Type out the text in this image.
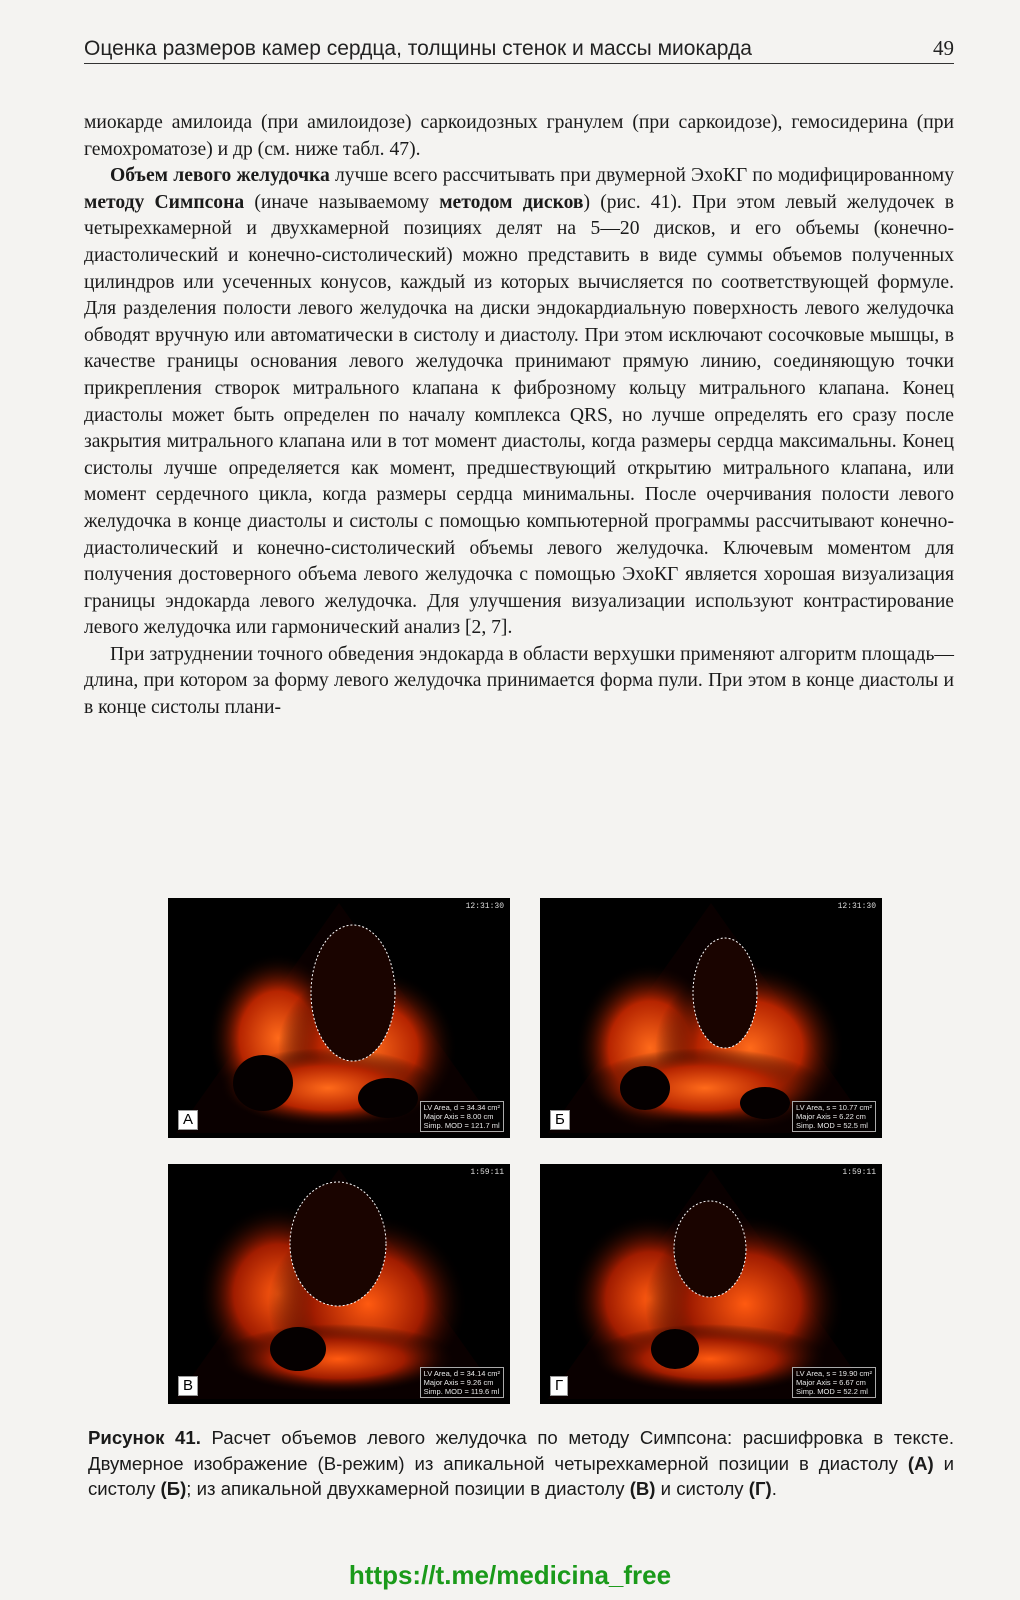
Оценка размеров камер сердца, толщины стенок и массы миокарда	49

миокарде амилоида (при амилоидозе) саркоидозных гранулем (при саркоидозе), гемосидерина (при гемохроматозе) и др (см. ниже табл. 47).

Объем левого желудочка лучше всего рассчитывать при двумерной ЭхоКГ по модифицированному методу Симпсона (иначе называемому методом дисков) (рис. 41). При этом левый желудочек в четырехкамерной и двухкамерной позициях делят на 5—20 дисков, и его объемы (конечно-диастолический и конечно-систолический) можно представить в виде суммы объемов полученных цилиндров или усеченных конусов, каждый из которых вычисляется по соответствующей формуле. Для разделения полости левого желудочка на диски эндокардиальную поверхность левого желудочка обводят вручную или автоматически в систолу и диастолу. При этом исключают сосочковые мышцы, в качестве границы основания левого желудочка принимают прямую линию, соединяющую точки прикрепления створок митрального клапана к фиброзному кольцу митрального клапана. Конец диастолы может быть определен по началу комплекса QRS, но лучше определять его сразу после закрытия митрального клапана или в тот момент диастолы, когда размеры сердца максимальны. Конец систолы лучше определяется как момент, предшествующий открытию митрального клапана, или момент сердечного цикла, когда размеры сердца минимальны. После очерчивания полости левого желудочка в конце диастолы и систолы с помощью компьютерной программы рассчитывают конечно-диастолический и конечно-систолический объемы левого желудочка. Ключевым моментом для получения достоверного объема левого желудочка с помощью ЭхоКГ является хорошая визуализация границы эндокарда левого желудочка. Для улучшения визуализации используют контрастирование левого желудочка или гармонический анализ [2, 7].

При затруднении точного обведения эндокарда в области верхушки применяют алгоритм площадь—длина, при котором за форму левого желудочка принимается форма пули. При этом в конце диастолы и в конце систолы плани-

12:31:30
LV Area, d = 34.34 cm²
Major Axis = 8.00 cm
Simp. MOD = 121.7 ml
А
12:31:30
LV Area, s = 10.77 cm²
Major Axis = 6.22 cm
Simp. MOD = 52.5 ml
Б
1:59:11
LV Area, d = 34.14 cm²
Major Axis = 9.26 cm
Simp. MOD = 119.6 ml
В
1:59:11
LV Area, s = 19.90 cm²
Major Axis = 6.67 cm
Simp. MOD = 52.2 ml
Г
Рисунок 41. Расчет объемов левого желудочка по методу Симпсона: расшифровка в тексте. Двумерное изображение (В-режим) из апикальной четырехкамерной позиции в диастолу (А) и систолу (Б); из апикальной двухкамерной позиции в диастолу (В) и систолу (Г).
https://t.me/medicina_free
